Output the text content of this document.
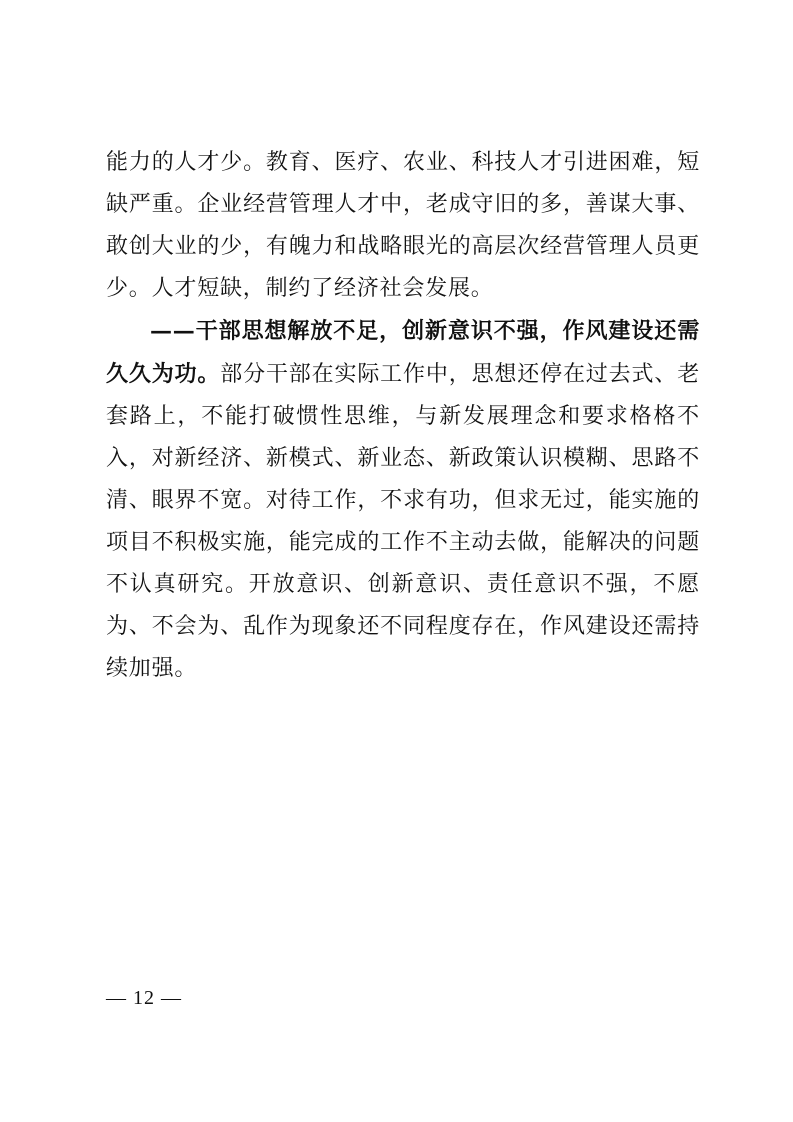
能力的人才少。教育、医疗、农业、科技人才引进困难，短缺严重。企业经营管理人才中，老成守旧的多，善谋大事、敢创大业的少，有魄力和战略眼光的高层次经营管理人员更少。人才短缺，制约了经济社会发展。

——干部思想解放不足，创新意识不强，作风建设还需久久为功。部分干部在实际工作中，思想还停在过去式、老套路上，不能打破惯性思维，与新发展理念和要求格格不入，对新经济、新模式、新业态、新政策认识模糊、思路不清、眼界不宽。对待工作，不求有功，但求无过，能实施的项目不积极实施，能完成的工作不主动去做，能解决的问题不认真研究。开放意识、创新意识、责任意识不强，不愿为、不会为、乱作为现象还不同程度存在，作风建设还需持续加强。

— 12 —
